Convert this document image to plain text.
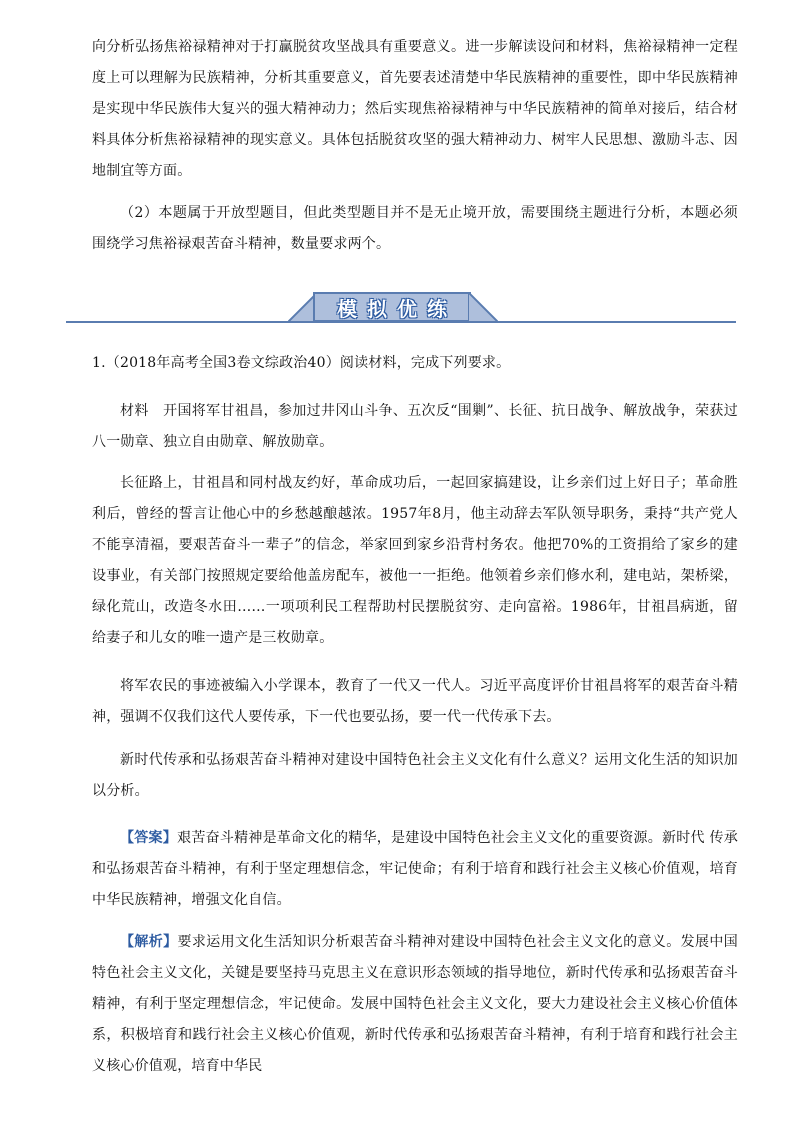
向分析弘扬焦裕禄精神对于打赢脱贫攻坚战具有重要意义。进一步解读设问和材料，焦裕禄精神一定程度上可以理解为民族精神，分析其重要意义，首先要表述清楚中华民族精神的重要性，即中华民族精神是实现中华民族伟大复兴的强大精神动力；然后实现焦裕禄精神与中华民族精神的简单对接后，结合材料具体分析焦裕禄精神的现实意义。具体包括脱贫攻坚的强大精神动力、树牢人民思想、激励斗志、因地制宜等方面。

（2）本题属于开放型题目，但此类型题目并不是无止境开放，需要围绕主题进行分析，本题必须围绕学习焦裕禄艰苦奋斗精神，数量要求两个。

模拟优练

1.（2018年高考全国3卷文综政治40）阅读材料，完成下列要求。

材料　开国将军甘祖昌，参加过井冈山斗争、五次反“围剿”、长征、抗日战争、解放战争，荣获过八一勋章、独立自由勋章、解放勋章。

长征路上，甘祖昌和同村战友约好，革命成功后，一起回家搞建设，让乡亲们过上好日子；革命胜利后，曾经的誓言让他心中的乡愁越酿越浓。1957年8月，他主动辞去军队领导职务，秉持“共产党人不能享清福，要艰苦奋斗一辈子”的信念，举家回到家乡沿背村务农。他把70%的工资捐给了家乡的建设事业，有关部门按照规定要给他盖房配车，被他一一拒绝。他领着乡亲们修水利，建电站，架桥梁，绿化荒山，改造冬水田……一项项利民工程帮助村民摆脱贫穷、走向富裕。1986年，甘祖昌病逝，留给妻子和儿女的唯一遗产是三枚勋章。

将军农民的事迹被编入小学课本，教育了一代又一代人。习近平高度评价甘祖昌将军的艰苦奋斗精神，强调不仅我们这代人要传承，下一代也要弘扬，要一代一代传承下去。

新时代传承和弘扬艰苦奋斗精神对建设中国特色社会主义文化有什么意义？运用文化生活的知识加以分析。

【答案】艰苦奋斗精神是革命文化的精华，是建设中国特色社会主义文化的重要资源。新时代 传承和弘扬艰苦奋斗精神，有利于坚定理想信念，牢记使命；有利于培育和践行社会主义核心价值观，培育中华民族精神，增强文化自信。

【解析】要求运用文化生活知识分析艰苦奋斗精神对建设中国特色社会主义文化的意义。发展中国特色社会主义文化，关键是要坚持马克思主义在意识形态领域的指导地位，新时代传承和弘扬艰苦奋斗精神，有利于坚定理想信念，牢记使命。发展中国特色社会主义文化，要大力建设社会主义核心价值体系，积极培育和践行社会主义核心价值观，新时代传承和弘扬艰苦奋斗精神，有利于培育和践行社会主义核心价值观，培育中华民
